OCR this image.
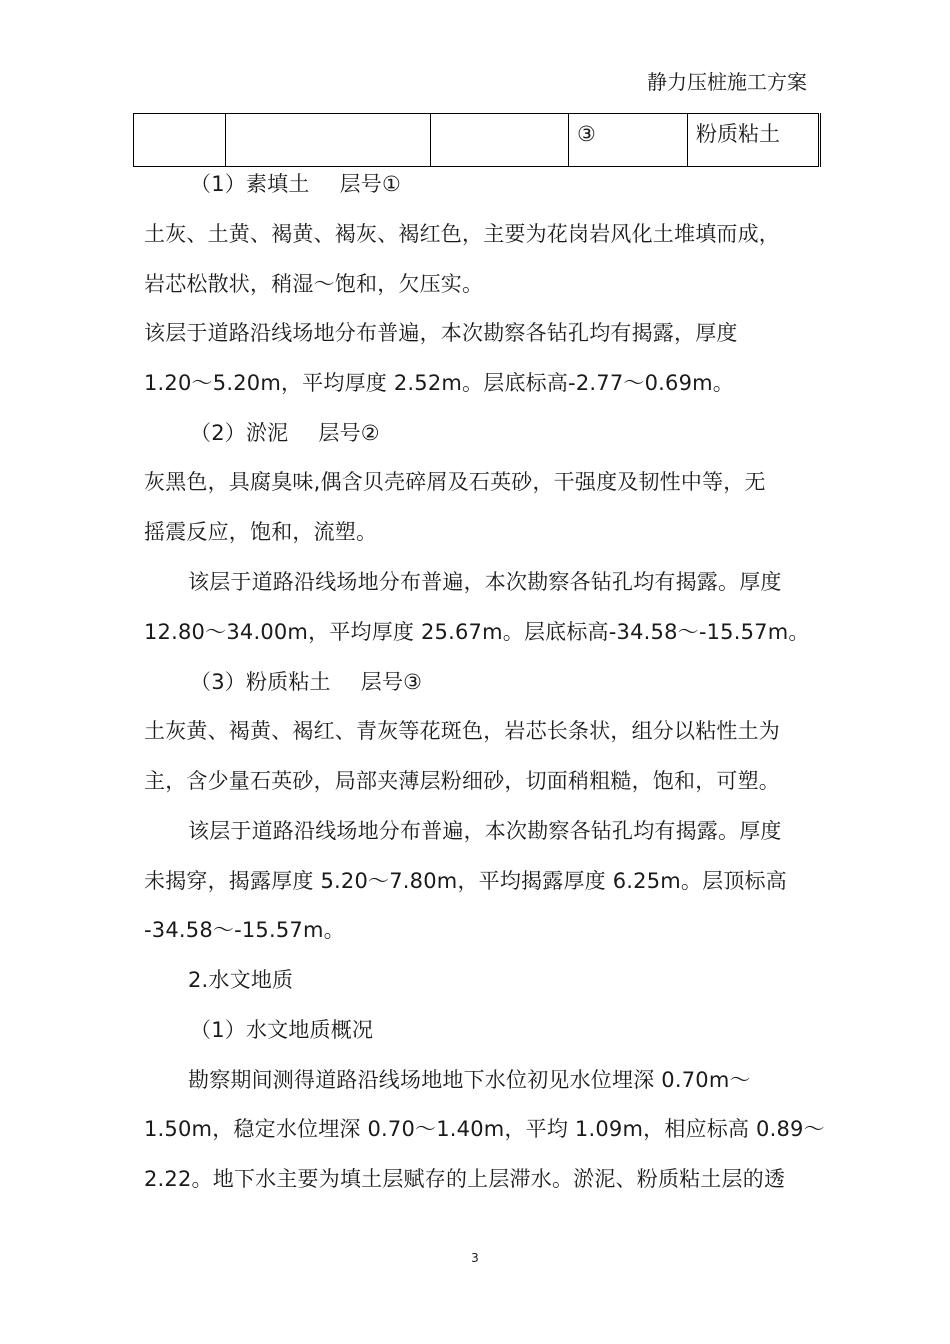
静力压桩施工方案
			③	粉质粘土
（1）素填土 层号①
土灰、土黄、褐黄、褐灰、褐红色，主要为花岗岩风化土堆填而成，
岩芯松散状，稍湿～饱和，欠压实。
该层于道路沿线场地分布普遍，本次勘察各钻孔均有揭露，厚度
1.20～5.20m，平均厚度 2.52m。层底标高-2.77～0.69m。
（2）淤泥 层号②
灰黑色，具腐臭味,偶含贝壳碎屑及石英砂，干强度及韧性中等，无
摇震反应，饱和，流塑。
该层于道路沿线场地分布普遍，本次勘察各钻孔均有揭露。厚度
12.80～34.00m，平均厚度 25.67m。层底标高-34.58～-15.57m。
（3）粉质粘土 层号③
土灰黄、褐黄、褐红、青灰等花斑色，岩芯长条状，组分以粘性土为
主，含少量石英砂，局部夹薄层粉细砂，切面稍粗糙，饱和，可塑。
该层于道路沿线场地分布普遍，本次勘察各钻孔均有揭露。厚度
未揭穿，揭露厚度 5.20～7.80m，平均揭露厚度 6.25m。层顶标高
-34.58～-15.57m。
2.水文地质
（1）水文地质概况
勘察期间测得道路沿线场地地下水位初见水位埋深 0.70m～
1.50m，稳定水位埋深 0.70～1.40m，平均 1.09m，相应标高 0.89～
2.22。地下水主要为填土层赋存的上层滞水。淤泥、粉质粘土层的透
3
